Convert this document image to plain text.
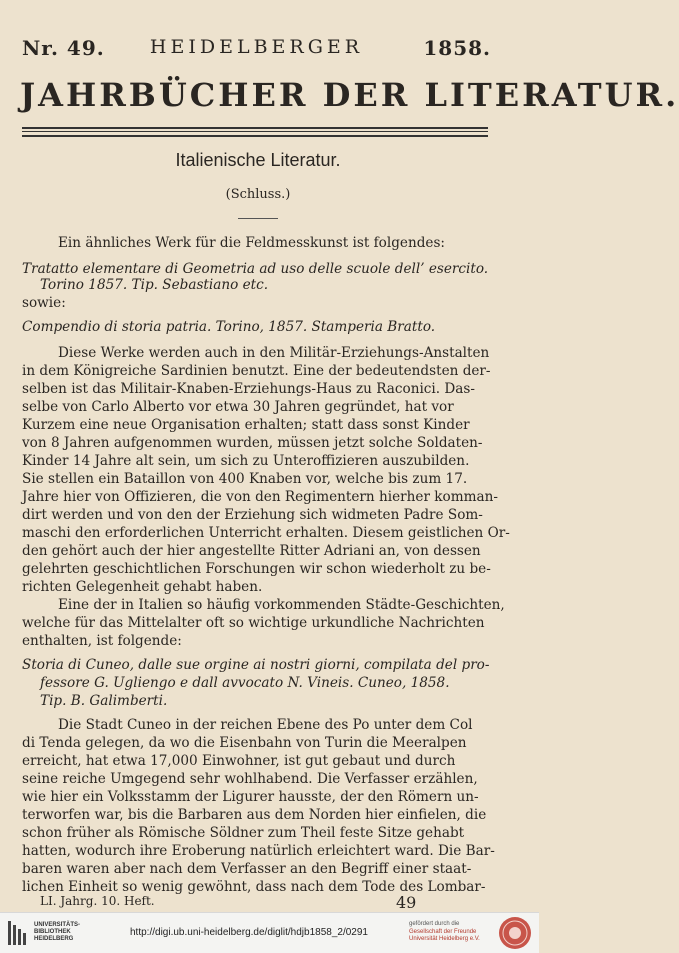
Nr. 49.	HEIDELBERGER	1858.
JAHRBÜCHER DER LITERATUR.
Italienische Literatur.
(Schluss.)
Ein ähnliches Werk für die Feldmesskunst ist folgendes:
Tratatto elementare di Geometria ad uso delle scuole dell’ esercito.
Torino 1857. Tip. Sebastiano etc.
sowie:
Compendio di storia patria. Torino, 1857. Stamperia Bratto.
Diese Werke werden auch in den Militär-Erziehungs-Anstalten
in dem Königreiche Sardinien benutzt. Eine der bedeutendsten der-
selben ist das Militair-Knaben-Erziehungs-Haus zu Raconici. Das-
selbe von Carlo Alberto vor etwa 30 Jahren gegründet, hat vor
Kurzem eine neue Organisation erhalten; statt dass sonst Kinder
von 8 Jahren aufgenommen wurden, müssen jetzt solche Soldaten-
Kinder 14 Jahre alt sein, um sich zu Unteroffizieren auszubilden.
Sie stellen ein Bataillon von 400 Knaben vor, welche bis zum 17.
Jahre hier von Offizieren, die von den Regimentern hierher komman-
dirt werden und von den der Erziehung sich widmeten Padre Som-
maschi den erforderlichen Unterricht erhalten. Diesem geistlichen Or-
den gehört auch der hier angestellte Ritter Adriani an, von dessen
gelehrten geschichtlichen Forschungen wir schon wiederholt zu be-
richten Gelegenheit gehabt haben.
Eine der in Italien so häufig vorkommenden Städte-Geschichten,
welche für das Mittelalter oft so wichtige urkundliche Nachrichten
enthalten, ist folgende:
Storia di Cuneo, dalle sue orgine ai nostri giorni, compilata del pro-
fessore G. Ugliengo e dall avvocato N. Vineis. Cuneo, 1858.
Tip. B. Galimberti.
Die Stadt Cuneo in der reichen Ebene des Po unter dem Col
di Tenda gelegen, da wo die Eisenbahn von Turin die Meeralpen
erreicht, hat etwa 17,000 Einwohner, ist gut gebaut und durch
seine reiche Umgegend sehr wohlhabend. Die Verfasser erzählen,
wie hier ein Volksstamm der Ligurer hausste, der den Römern un-
terworfen war, bis die Barbaren aus dem Norden hier einfielen, die
schon früher als Römische Söldner zum Theil feste Sitze gehabt
hatten, wodurch ihre Eroberung natürlich erleichtert ward. Die Bar-
baren waren aber nach dem Verfasser an den Begriff einer staat-
lichen Einheit so wenig gewöhnt, dass nach dem Tode des Lombar-
LI. Jahrg. 10. Heft.	49
UNIVERSITÄTS-
BIBLIOTHEK
HEIDELBERG
http://digi.ub.uni-heidelberg.de/diglit/hdjb1858_2/0291
gefördert durch die
Gesellschaft der Freunde
Universität Heidelberg e.V.
